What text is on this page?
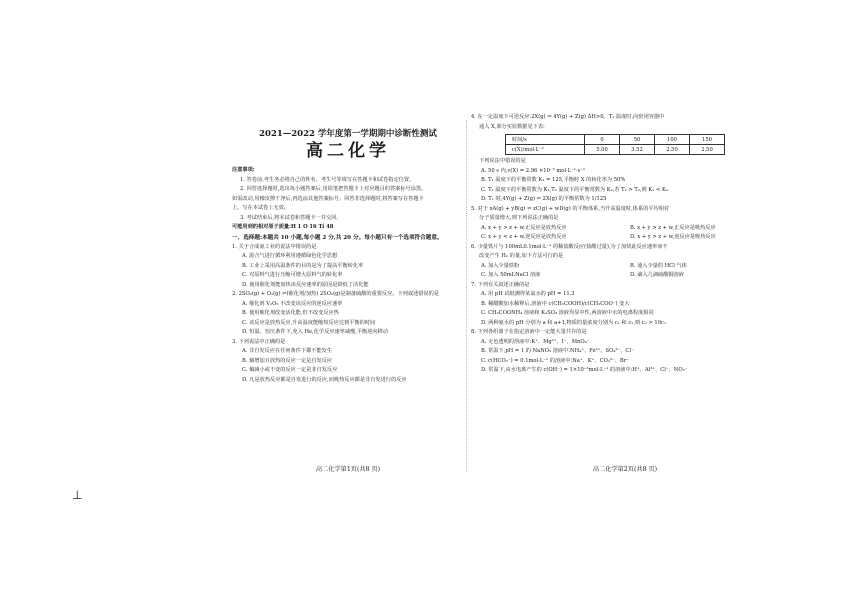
2021—2022 学年度第一学期期中诊断性测试
高二化学
注意事项:
1. 答卷前,考生务必将自己的姓名、考生号等填写在答题卡和试卷指定位置。
2. 回答选择题时,选出每小题答案后,用铅笔把答题卡上对应题目的答案标号涂黑。
如需改动,用橡皮擦干净后,再选涂其他答案标号。回答非选择题时,将答案写在答题卡
上。写在本试卷上无效。
3. 考试结束后,将本试卷和答题卡一并交回。
可能用到的相对原子质量:H 1 O 16 Ti 48
一、选择题:本题共 10 小题,每小题 2 分,共 20 分。每小题只有一个选项符合题意。
1. 关于合成氨工业的说法中错误的是
A. 混合气进行循环利用遵循绿色化学思想
B. 工业上采用高温条件的目的是为了提高平衡转化率
C. 对原料气进行压缩可增大原料气的转化率
D. 使用催化剂能加快该反应速率的原因是降低了活化能
2. 2SO₂(g) + O₂(g) ⇌(催化剂/加热) 2SO₃(g)是制备硫酸的重要反应。下列叙述错误的是
A. 催化剂 V₂O₅ 不改变该反应的逆反应速率
B. 使用催化剂改变活化能,但不改变反应热
C. 该反应是放热反应,升高温度能缩短反应达到平衡的时间
D. 恒温、恒压条件下,充入 He,化学反应速率减慢,平衡逆向移动
3. 下列说法中正确的是
A. 非自发反应在任何条件下都不能发生
B. 熵增加且放热的反应一定是自发反应
C. 熵减小或不变的反应一定是非自发反应
D. 凡是放热反应都是自发进行的反应,而吸热反应都是非自发进行的反应
高二化学第1页(共8 页)
4. 在一定温度下可逆反应:2X(g) ⇌ 4Y(g) + Z(g) ΔH>0。T₁ 温度时,向密闭容器中
通入 X,部分实验数据见下表:
时间/s	0	50	100	150
c(X)/mol·L⁻¹	5.00	3.52	2.50	2.50
下列说法中错误的是
A. 50 s 内,v(X) = 2.96 ×10⁻² mol·L⁻¹·s⁻¹
B. T₁ 温度下的平衡常数 K₁ = 125,平衡时 X 的转化率为 50%
C. T₁ 温度下的平衡常数为 K₁,T₂ 温度下的平衡常数为 K₂,若 T₁ > T₂,则 K₁ < K₂
D. T₁ 时,4Y(g) + Z(g) ⇌ 2X(g) 的平衡常数为 1/125
5. 对于 xA(g) + yB(g) ⇌ zC(g) + wD(g) 的平衡体系,当升高温度时,体系的平均相对
分子质量增大,则下列说法正确的是
A. x + y > z + w,正反应是放热反应	B. x + y > z + w,正反应是吸热反应
C. x + y < z + w,逆反应是放热反应	D. x + y > z + w,逆反应是吸热反应
6. 少量铁片与 100mL0.1mol·L⁻¹ 的稀盐酸反应(盐酸过量),为了加快此反应速率而不
改变产生 H₂ 的量,如下方法可行的是
A. 加入少量铁粉	B. 通入少量的 HCl 气体
C. 加入 50mLNaCl 溶液	D. 滴入几滴硫酸铜溶液
7. 下列有关叙述正确的是
A. 用 pH 试纸测得某氯水的 pH = 11.3
B. 稀醋酸加水稀释后,溶液中 c(CH₃COOH)/c(CH₃COO⁻) 变大
C. CH₃COONH₄ 溶液和 K₂SO₄ 溶液均显中性,两溶液中水的电离程度相同
D. 两种氨水的 pH 分别为 a 和 a+1,物质的量浓度分别为 c₁ 和 c₂,则 c₂ > 10c₁
8. 下列各组离子在指定溶液中一定能大量共存的是
A. 无色透明的溶液中:K⁺、Mg²⁺、I⁻、MnO₄⁻
B. 常温下,pH = 1 的 NaNO₃ 溶液中:NH₄⁺、Fe²⁺、SO₄²⁻、Cl⁻
C. c(HCO₃⁻) = 0.1mol·L⁻¹ 的溶液中:Na⁺、K⁺、CO₃²⁻、Br⁻
D. 常温下,由水电离产生的 c(OH⁻) = 1×10⁻³mol·L⁻¹ 的溶液中:H⁺、Al³⁺、Cl⁻、NO₃⁻
高二化学第2页(共8 页)
⊥
